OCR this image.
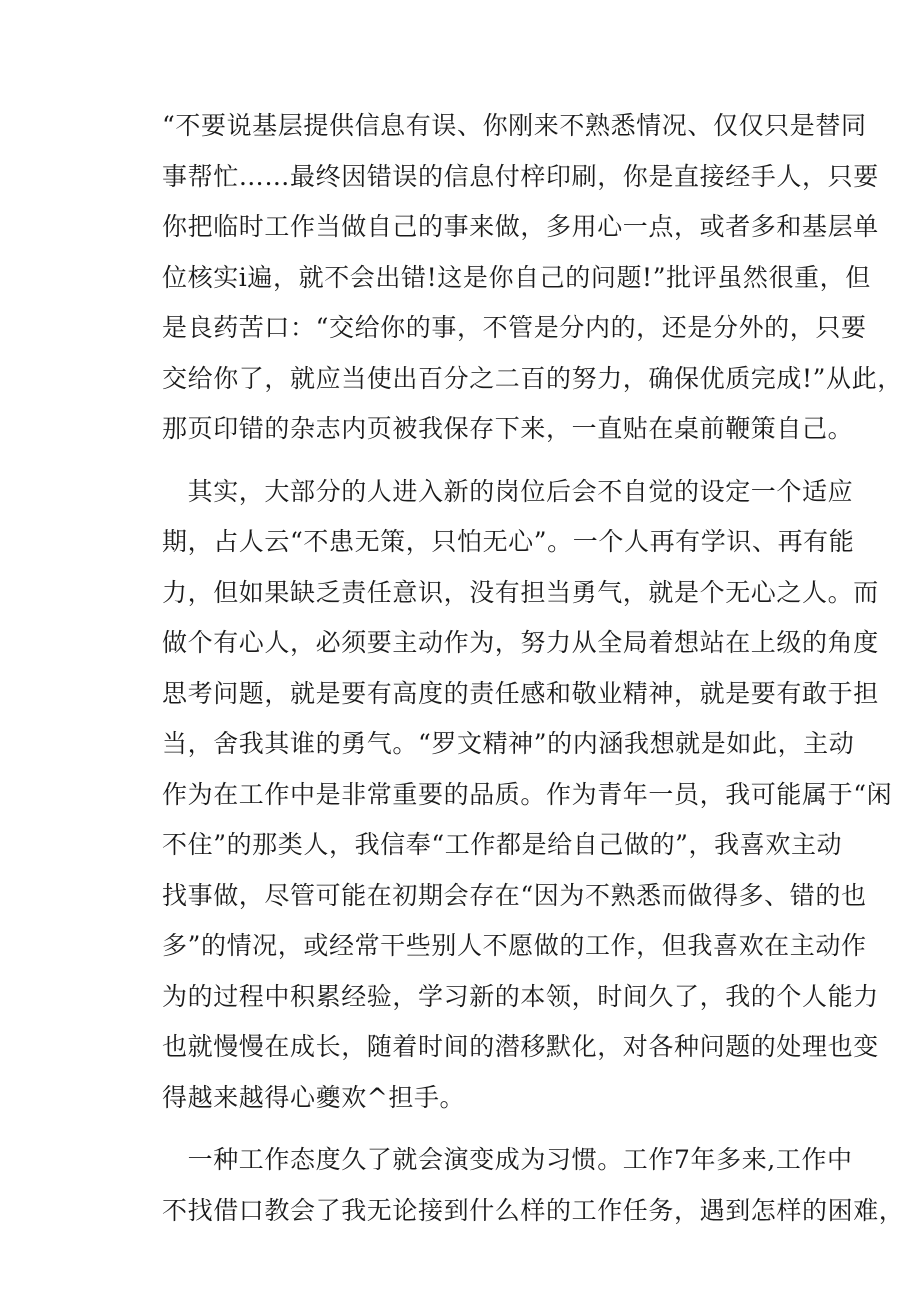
“不要说基层提供信息有误、你刚来不熟悉情况、仅仅只是替同
事帮忙……最终因错误的信息付梓印刷，你是直接经手人，只要
你把临时工作当做自己的事来做，多用心一点，或者多和基层单
位核实i遍，就不会出错!这是你自己的问题!”批评虽然很重，但
是良药苦口：“交给你的事，不管是分内的，还是分外的，只要
交给你了，就应当使出百分之二百的努力，确保优质完成!”从此，
那页印错的杂志内页被我保存下来，一直贴在桌前鞭策自己。
　其实，大部分的人进入新的岗位后会不自觉的设定一个适应
期，占人云“不患无策，只怕无心”。一个人再有学识、再有能
力，但如果缺乏责任意识，没有担当勇气，就是个无心之人。而
做个有心人，必须要主动作为，努力从全局着想站在上级的角度
思考问题，就是要有高度的责任感和敬业精神，就是要有敢于担
当，舍我其谁的勇气。“罗文精神”的内涵我想就是如此，主动
作为在工作中是非常重要的品质。作为青年一员，我可能属于“闲
不住”的那类人，我信奉“工作都是给自己做的”，我喜欢主动
找事做，尽管可能在初期会存在“因为不熟悉而做得多、错的也
多”的情况，或经常干些别人不愿做的工作，但我喜欢在主动作
为的过程中积累经验，学习新的本领，时间久了，我的个人能力
也就慢慢在成长，随着时间的潜移默化，对各种问题的处理也变
得越来越得心夔欢^担手。
　一种工作态度久了就会演变成为习惯。工作7年多来,工作中
不找借口教会了我无论接到什么样的工作任务，遇到怎样的困难，
